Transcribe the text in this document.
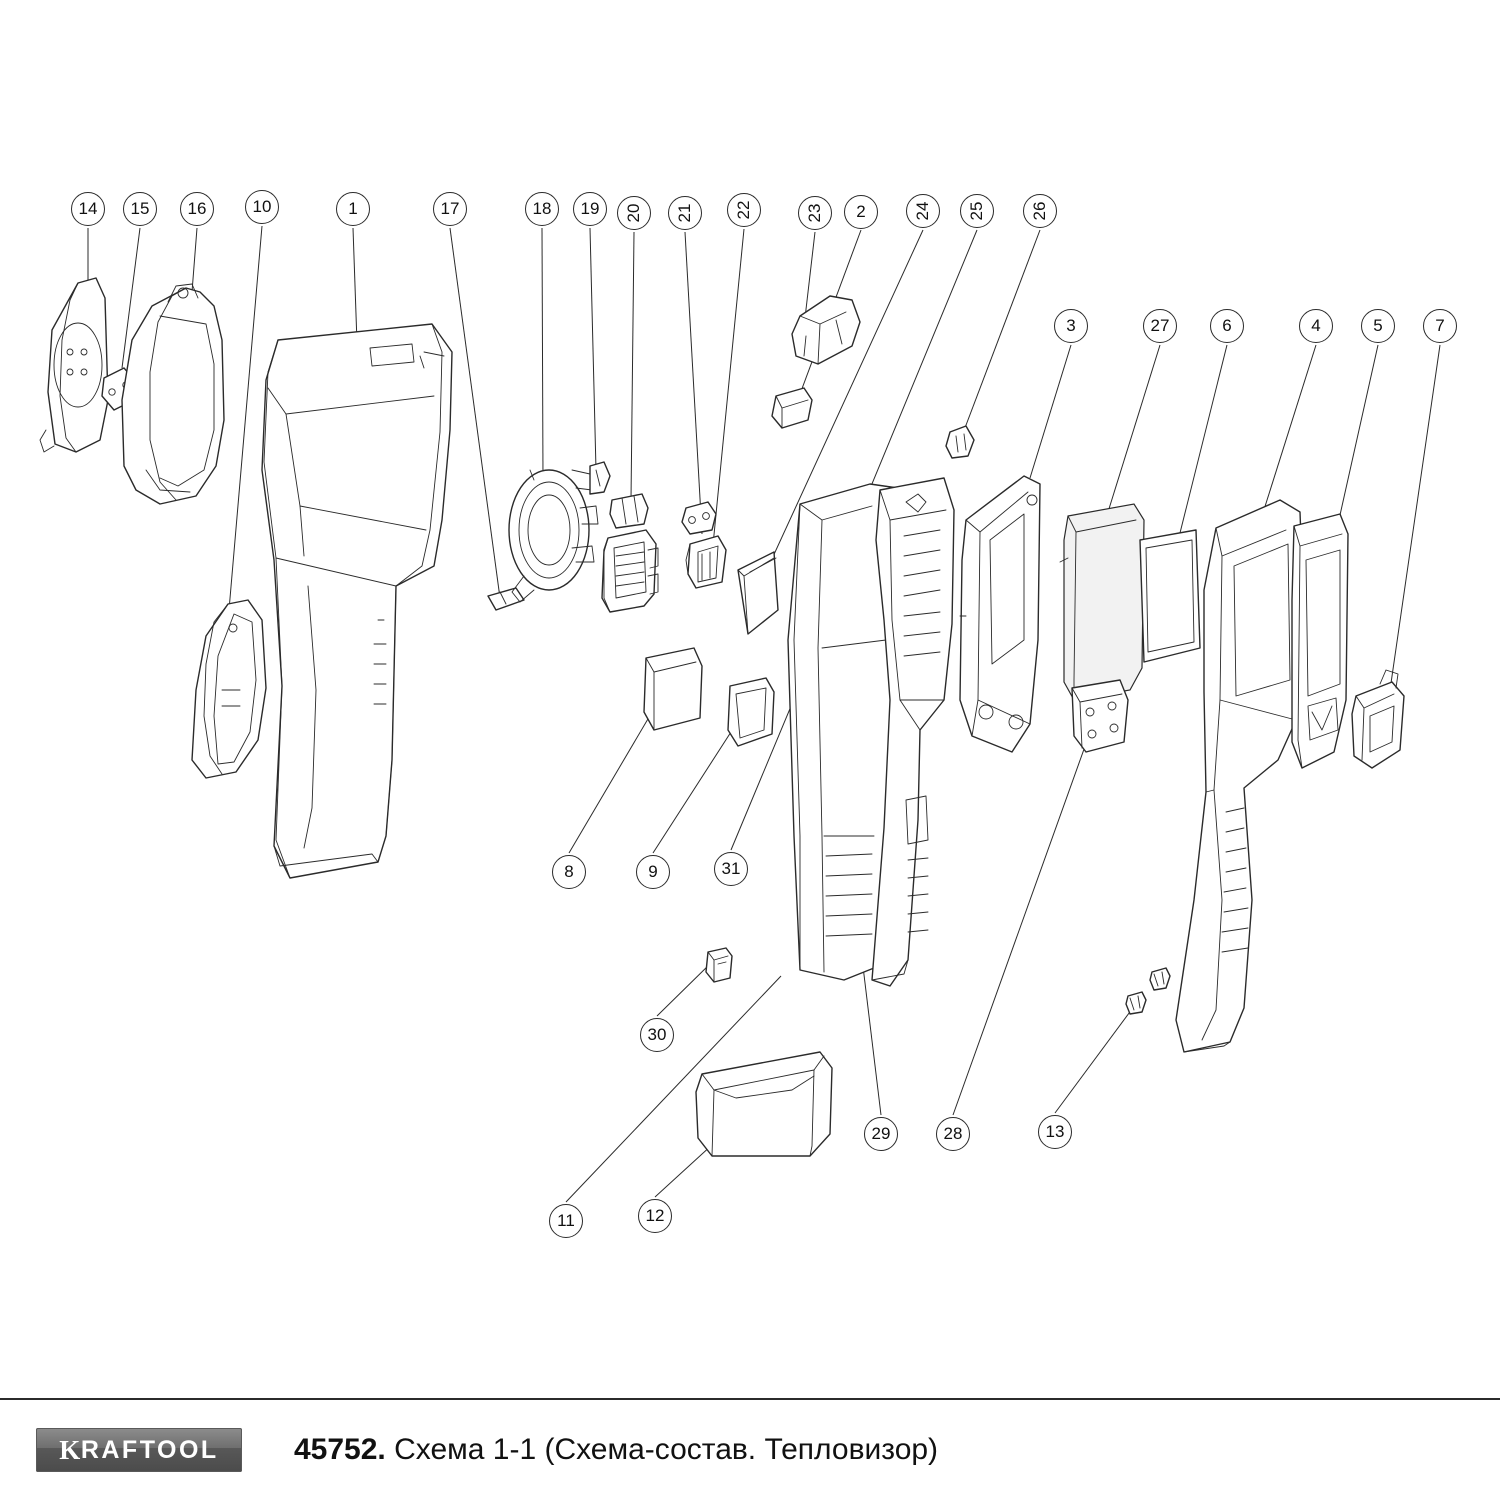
14	15	16	10	1	17	18	19	20	21	22	23	2	24	25	26
3	27	6	4	5	7
8	9	31
30
11	12
29	28	13
K RAFTOOL	45752. Схема 1-1 (Схема-состав. Тепловизор)
